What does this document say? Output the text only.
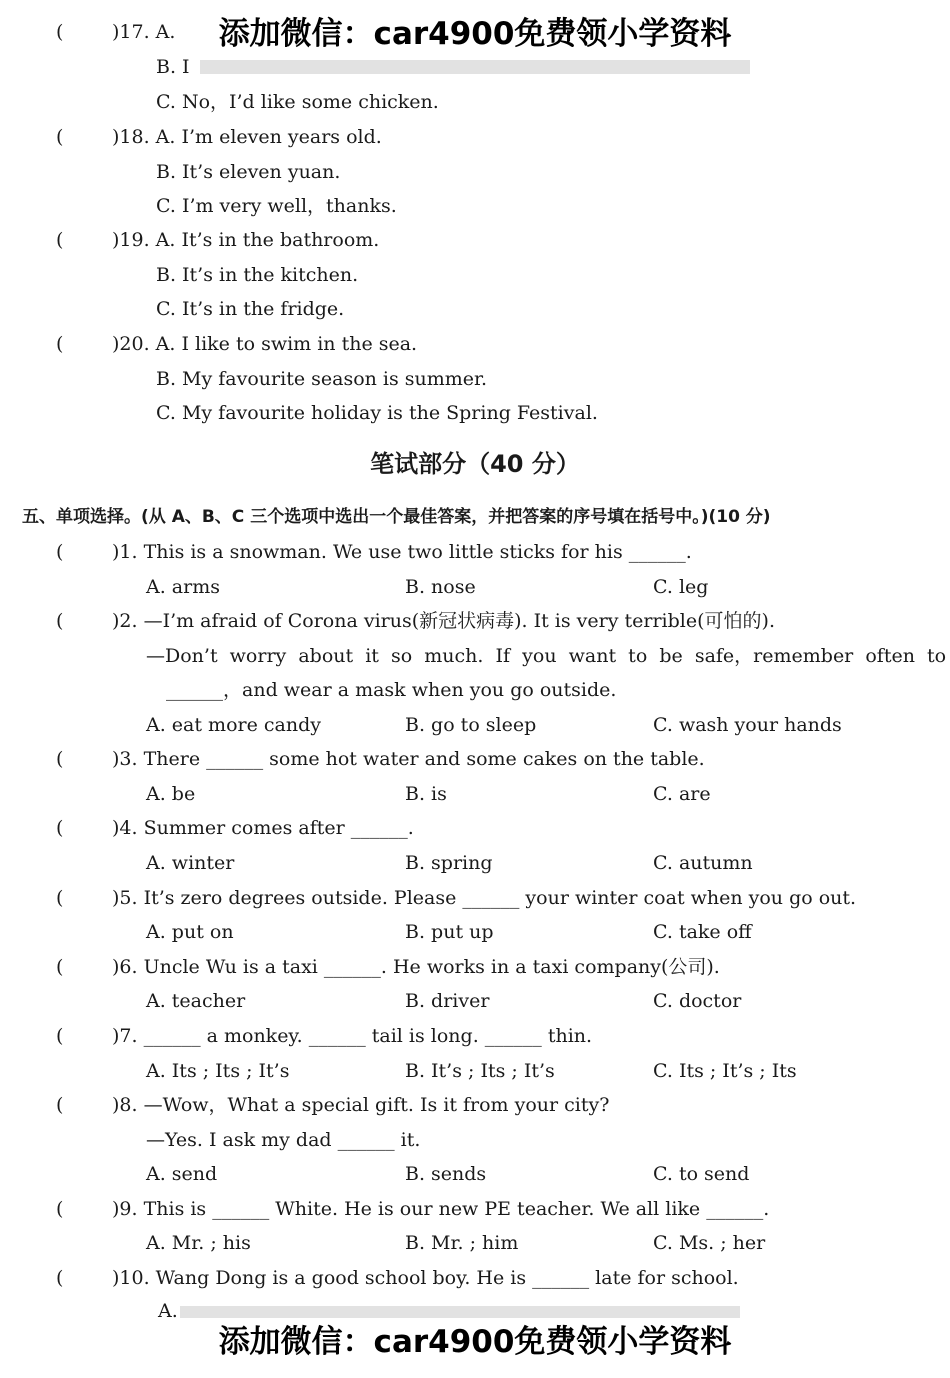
添加微信：car4900免费领小学资料
(	)17. A.
B. I
C. No，I’d like some chicken.
(	)18. A. I’m eleven years old.
B. It’s eleven yuan.
C. I’m very well，thanks.
(	)19. A. It’s in the bathroom.
B. It’s in the kitchen.
C. It’s in the fridge.
(	)20. A. I like to swim in the sea.
B. My favourite season is summer.
C. My favourite holiday is the Spring Festival.
笔试部分（40 分）
五、单项选择。(从 A、B、C 三个选项中选出一个最佳答案，并把答案的序号填在括号中。)(10 分)
(	)1. This is a snowman. We use two little sticks for his ______.
A. arms	B. nose	C. leg
(	)2. —I’m afraid of Corona virus(新冠状病毒). It is very terrible(可怕的).
—Don’t  worry  about  it  so  much.  If  you  want  to  be  safe，remember  often  to
______，and wear a mask when you go outside.
A. eat more candy	B. go to sleep	C. wash your hands
(	)3. There ______ some hot water and some cakes on the table.
A. be	B. is	C. are
(	)4. Summer comes after ______.
A. winter	B. spring	C. autumn
(	)5. It’s zero degrees outside. Please ______ your winter coat when you go out.
A. put on	B. put up	C. take off
(	)6. Uncle Wu is a taxi ______. He works in a taxi company(公司).
A. teacher	B. driver	C. doctor
(	)7. ______ a monkey. ______ tail is long. ______ thin.
A. Its ; Its ; It’s	B. It’s ; Its ; It’s	C. Its ; It’s ; Its
(	)8. —Wow，What a special gift. Is it from your city?
—Yes. I ask my dad ______ it.
A. send	B. sends	C. to send
(	)9. This is ______ White. He is our new PE teacher. We all like ______.
A. Mr. ; his	B. Mr. ; him	C. Ms. ; her
(	)10. Wang Dong is a good school boy. He is ______ late for school.
A.
添加微信：car4900免费领小学资料
